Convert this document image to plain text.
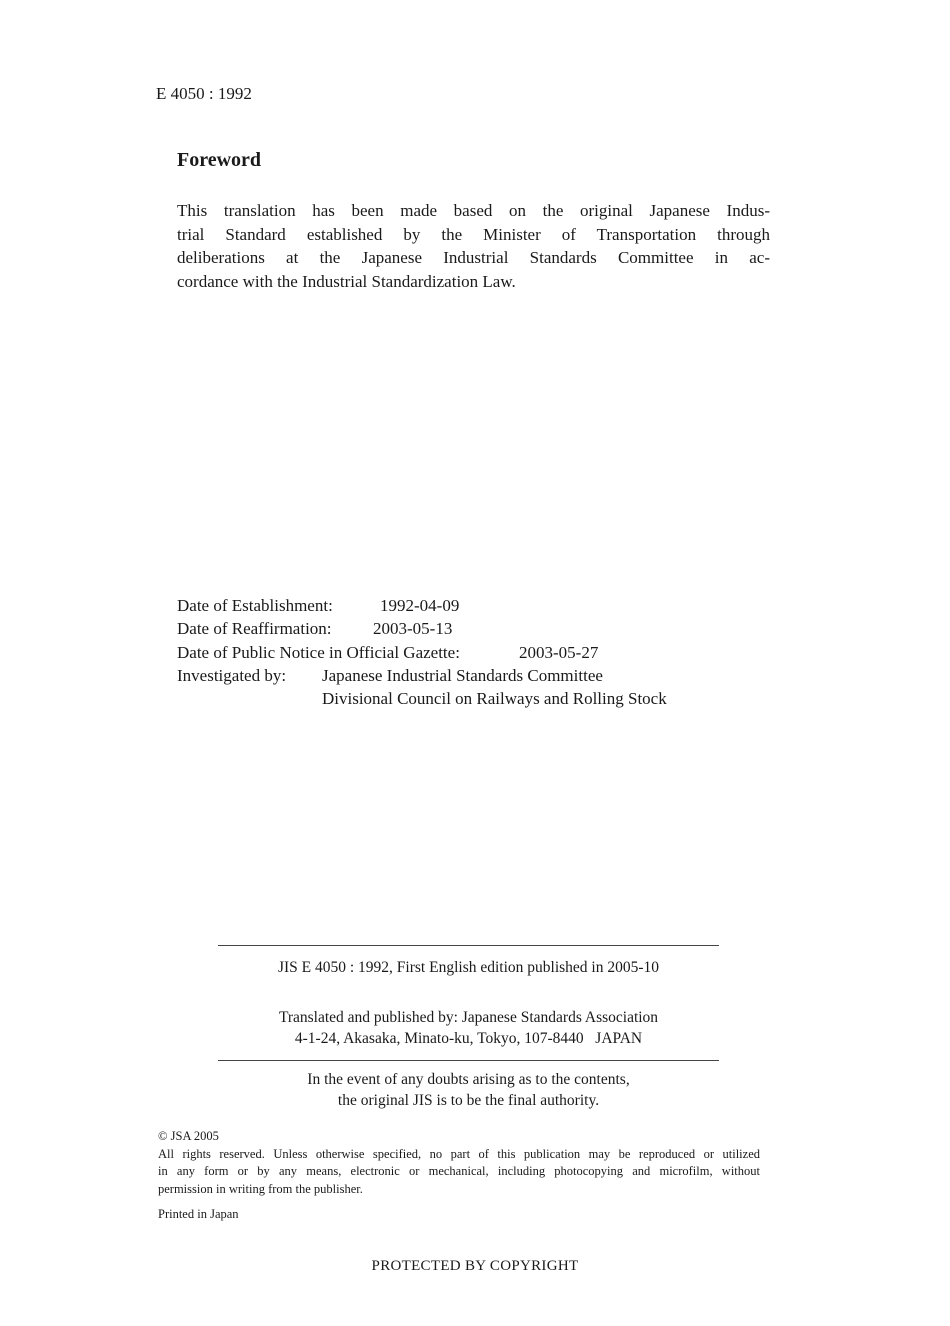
E 4050 : 1992
Foreword
This translation has been made based on the original Japanese Indus-
trial Standard established by the Minister of Transportation through
deliberations at the Japanese Industrial Standards Committee in ac-
cordance with the Industrial Standardization Law.
Date of Establishment:	1992-04-09
Date of Reaffirmation: 2003-05-13
Date of Public Notice in Official Gazette:	2003-05-27
Investigated by: Japanese Industrial Standards Committee
Divisional Council on Railways and Rolling Stock
JIS E 4050 : 1992, First English edition published in 2005-10
Translated and published by: Japanese Standards Association
4-1-24, Akasaka, Minato-ku, Tokyo, 107-8440   JAPAN
In the event of any doubts arising as to the contents,
the original JIS is to be the final authority.
© JSA 2005
All rights reserved. Unless otherwise specified, no part of this publication may be reproduced or utilized
in any form or by any means, electronic or mechanical, including photocopying and microfilm, without
permission in writing from the publisher.
Printed in Japan
PROTECTED BY COPYRIGHT
